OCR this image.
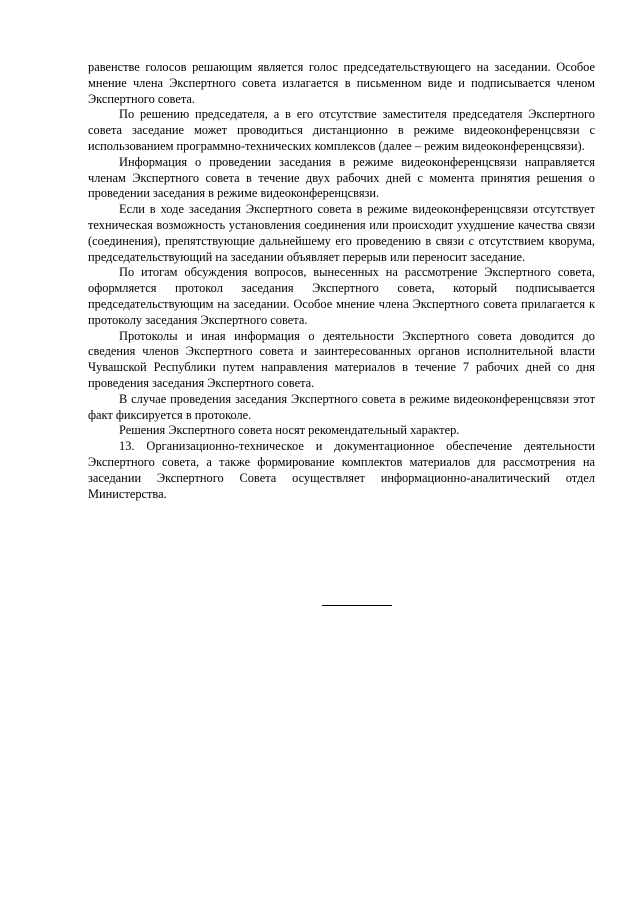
равенстве голосов решающим является голос председательствующего на заседании. Особое мнение члена Экспертного совета излагается в письменном виде и подписывается членом Экспертного совета.

По решению председателя, а в его отсутствие заместителя председателя Экспертного совета заседание может проводиться дистанционно в режиме видеоконференцсвязи с использованием программно-технических комплексов (далее – режим видеоконференцсвязи).

Информация о проведении заседания в режиме видеоконференцсвязи направляется членам Экспертного совета в течение двух рабочих дней с момента принятия решения о проведении заседания в режиме видеоконференцсвязи.

Если в ходе заседания Экспертного совета в режиме видеоконференцсвязи отсутствует техническая возможность установления соединения или происходит ухудшение качества связи (соединения), препятствующие дальнейшему его проведению в связи с отсутствием кворума, председательствующий на заседании объявляет перерыв или переносит заседание.

По итогам обсуждения вопросов, вынесенных на рассмотрение Экспертного совета, оформляется протокол заседания Экспертного совета, который подписывается председательствующим на заседании. Особое мнение члена Экспертного совета прилагается к протоколу заседания Экспертного совета.

Протоколы и иная информация о деятельности Экспертного совета доводится до сведения членов Экспертного совета и заинтересованных органов исполнительной власти Чувашской Республики путем направления материалов в течение 7 рабочих дней со дня проведения заседания Экспертного совета.

В случае проведения заседания Экспертного совета в режиме видеоконференцсвязи этот факт фиксируется в протоколе.

Решения Экспертного совета носят рекомендательный характер.

13. Организационно-техническое и документационное обеспечение деятельности Экспертного совета, а также формирование комплектов материалов для рассмотрения на заседании Экспертного Совета осуществляет информационно-аналитический отдел Министерства.
